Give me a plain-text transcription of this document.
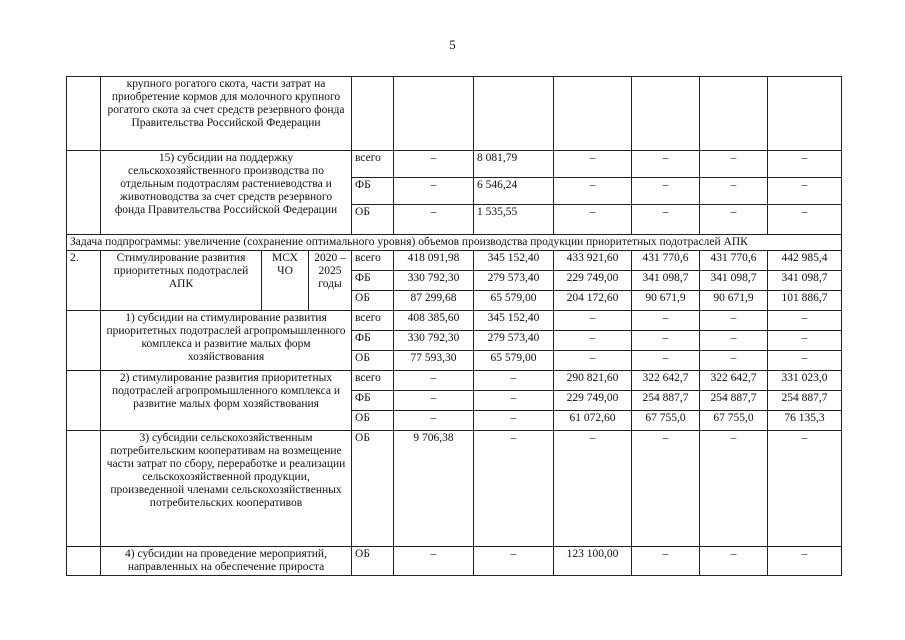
5
	крупного рогатого скота, части затрат на приобретение кормов для молочного крупного рогатого скота за счет средств резервного фонда Правительства Российской Федерации									
	15) субсидии на поддержку сельскохозяйственного производства по отдельным подотраслям растениеводства и животноводства за счет средств резервного фонда Правительства Российской Федерации			всего	–	8 081,79	–	–	–	–
				ФБ	–	6 546,24	–	–	–	–
				ОБ	–	1 535,55	–	–	–	–
Задача подпрограммы: увеличение (сохранение оптимального уровня) объемов производства продукции приоритетных подотраслей АПК										
2.	Стимулирование развития приоритетных подотраслей АПК	МСХ ЧО	2020 –2025 годы	всего	418 091,98	345 152,40	433 921,60	431 770,6	431 770,6	442 985,4
				ФБ	330 792,30	279 573,40	229 749,00	341 098,7	341 098,7	341 098,7
				ОБ	87 299,68	65 579,00	204 172,60	90 671,9	90 671,9	101 886,7
	1) субсидии на стимулирование развития приоритетных подотраслей агропромышленного комплекса и развитие малых форм хозяйствования			всего	408 385,60	345 152,40	–	–	–	–
				ФБ	330 792,30	279 573,40	–	–	–	–
				ОБ	77 593,30	65 579,00	–	–	–	–
	2) стимулирование развития приоритетных подотраслей агропромышленного комплекса и развитие малых форм хозяйствования			всего	–	–	290 821,60	322 642,7	322 642,7	331 023,0
				ФБ	–	–	229 749,00	254 887,7	254 887,7	254 887,7
				ОБ	–	–	61 072,60	67 755,0	67 755,0	76 135,3
	3) субсидии сельскохозяйственным потребительским кооперативам на возмещение части затрат по сбору, переработке и реализации сельскохозяйственной продукции, произведенной членами сельскохозяйственных потребительских кооперативов			ОБ	9 706,38	–	–	–	–	–
	4) субсидии на проведение мероприятий, направленных на обеспечение прироста			ОБ	–	–	123 100,00	–	–	–
